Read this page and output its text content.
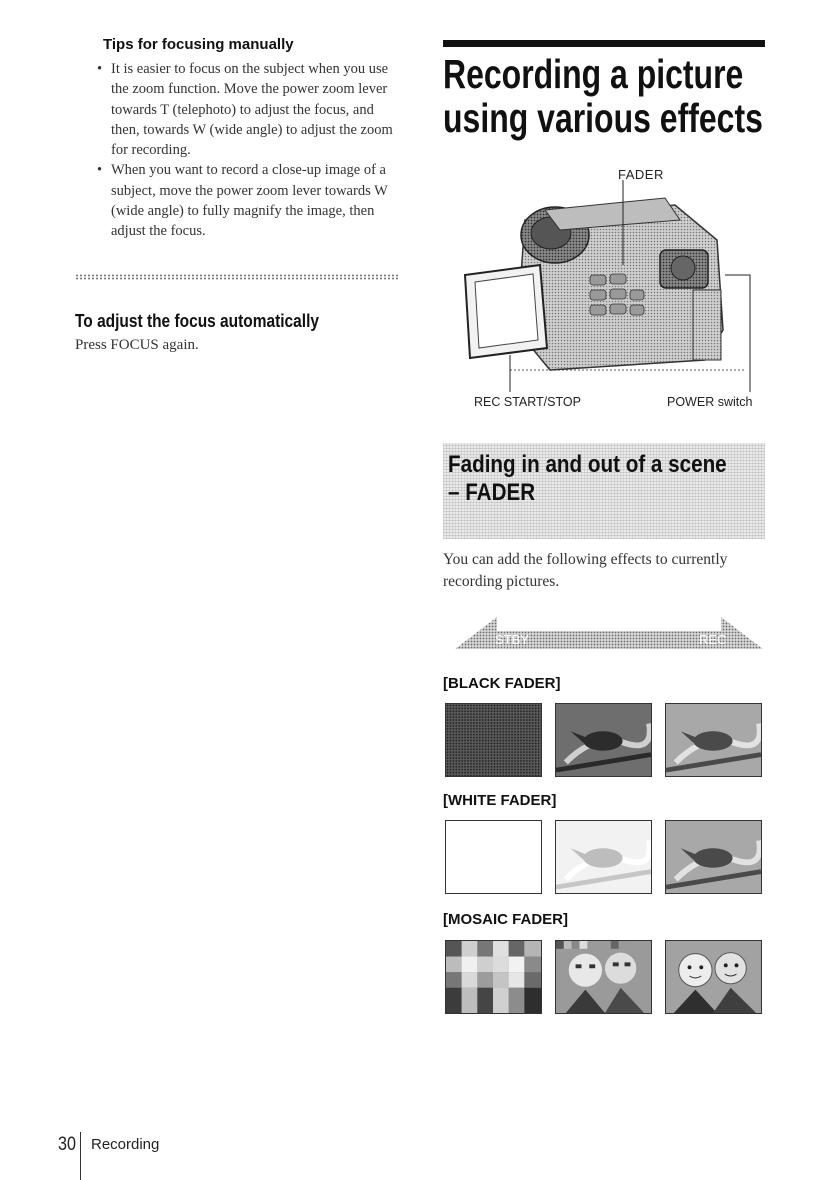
Tips for focusing manually
• It is easier to focus on the subject when you use the zoom function. Move the power zoom lever towards T (telephoto) to adjust the focus, and then, towards W (wide angle) to adjust the zoom for recording.
• When you want to record a close-up image of a subject, move the power zoom lever towards W (wide angle) to fully magnify the image, then adjust the focus.
To adjust the focus automatically
Press FOCUS again.
Recording a picture using various effects
FADER
REC START/STOP	POWER switch
Fading in and out of a scene
– FADER
You can add the following effects to currently recording pictures.
STBY	REC
[BLACK FADER]
[WHITE FADER]
[MOSAIC FADER]
30 Recording
